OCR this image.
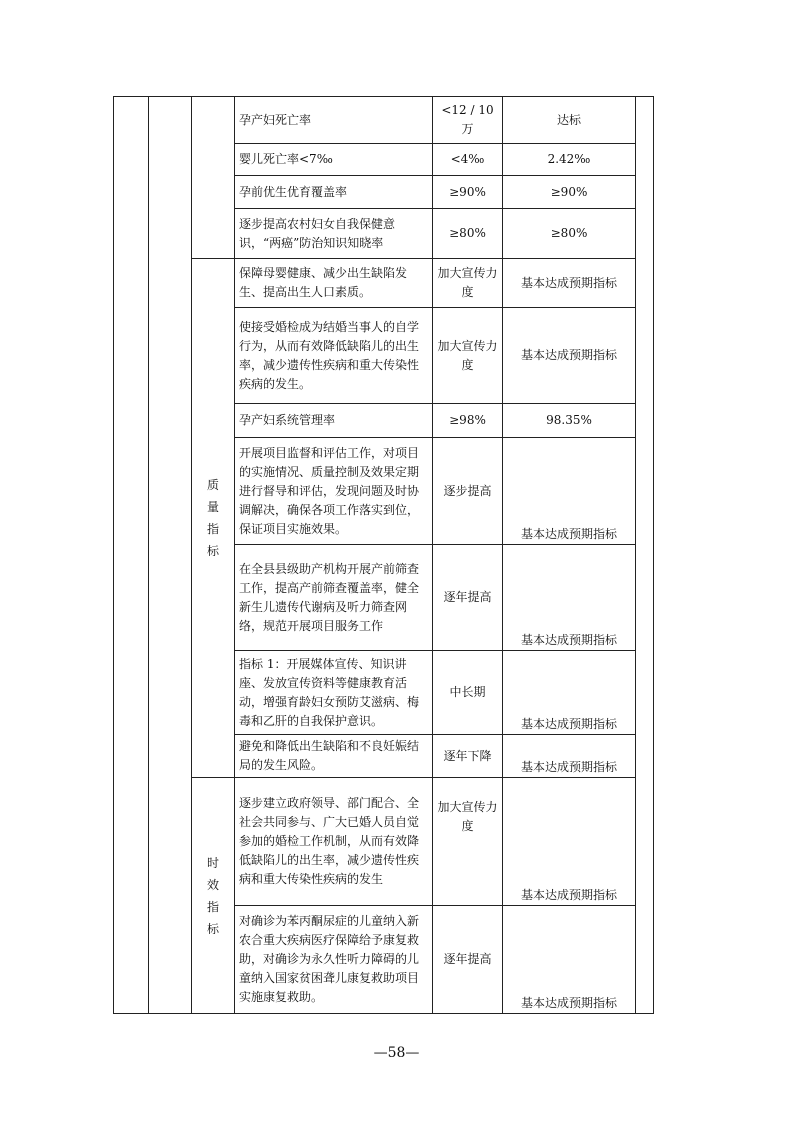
			孕产妇死亡率	<12 / 10 万	达标	
			婴儿死亡率<7‰	<4‰	2.42‰	
			孕前优生优育覆盖率	≥90%	≥90%	
			逐步提高农村妇女自我保健意识，“两癌”防治知识知晓率	≥80%	≥80%	
		质量指标	保障母婴健康、减少出生缺陷发生、提高出生人口素质。	加大宣传力度	基本达成预期指标	
			使接受婚检成为结婚当事人的自学行为，从而有效降低缺陷儿的出生率，减少遗传性疾病和重大传染性疾病的发生。	加大宣传力度	基本达成预期指标	
			孕产妇系统管理率	≥98%	98.35%	
			开展项目监督和评估工作，对项目的实施情况、质量控制及效果定期进行督导和评估，发现问题及时协调解决，确保各项工作落实到位，保证项目实施效果。	逐步提高	基本达成预期指标	
			在全县县级助产机构开展产前筛查工作，提高产前筛查覆盖率，健全新生儿遗传代谢病及听力筛查网络，规范开展项目服务工作	逐年提高	基本达成预期指标	
			指标 1：开展媒体宣传、知识讲座、发放宣传资料等健康教育活动，增强育龄妇女预防艾滋病、梅毒和乙肝的自我保护意识。	中长期	基本达成预期指标	
			避免和降低出生缺陷和不良妊娠结局的发生风险。	逐年下降	基本达成预期指标	
		时效指标	逐步建立政府领导、部门配合、全社会共同参与、广大已婚人员自觉参加的婚检工作机制，从而有效降低缺陷儿的出生率，减少遗传性疾病和重大传染性疾病的发生	加大宣传力度	基本达成预期指标	
			对确诊为苯丙酮尿症的儿童纳入新农合重大疾病医疗保障给予康复救助，对确诊为永久性听力障碍的儿童纳入国家贫困聋儿康复救助项目实施康复救助。	逐年提高	基本达成预期指标	
—58—
